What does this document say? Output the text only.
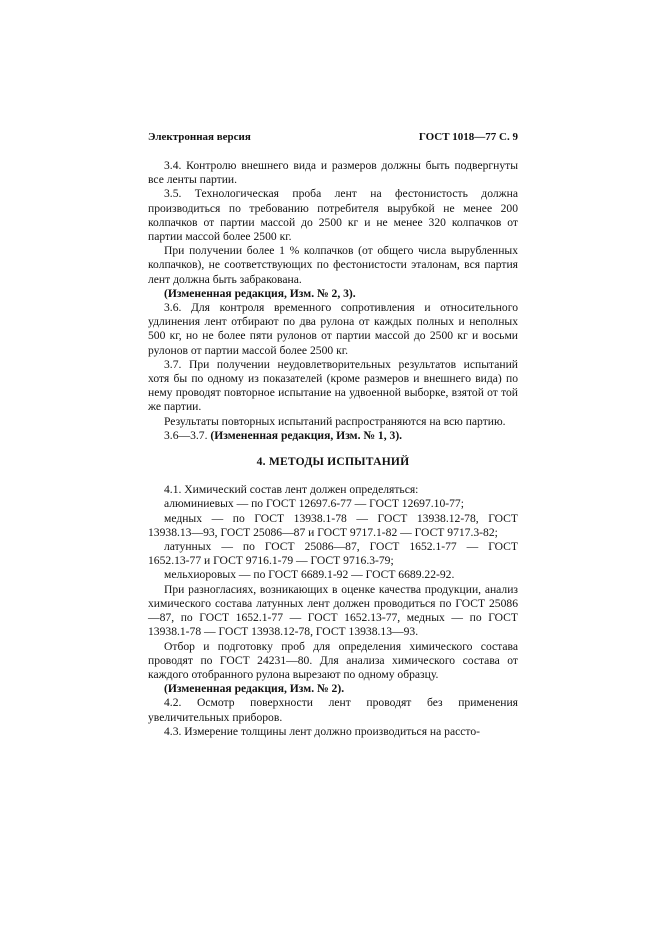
Электронная версия	ГОСТ 1018—77 С. 9

3.4. Контролю внешнего вида и размеров должны быть подвергнуты все ленты партии.

3.5. Технологическая проба лент на фестонистость должна производиться по требованию потребителя вырубкой не менее 200 колпачков от партии массой до 2500 кг и не менее 320 колпачков от партии массой более 2500 кг.

При получении более 1 % колпачков (от общего числа вырубленных колпачков), не соответствующих по фестонистости эталонам, вся партия лент должна быть забракована.

(Измененная редакция, Изм. № 2, 3).

3.6. Для контроля временного сопротивления и относительного удлинения лент отбирают по два рулона от каждых полных и неполных 500 кг, но не более пяти рулонов от партии массой до 2500 кг и восьми рулонов от партии массой более 2500 кг.

3.7. При получении неудовлетворительных результатов испытаний хотя бы по одному из показателей (кроме размеров и внешнего вида) по нему проводят повторное испытание на удвоенной выборке, взятой от той же партии.

Результаты повторных испытаний распространяются на всю партию.

3.6—3.7. (Измененная редакция, Изм. № 1, 3).

4. МЕТОДЫ ИСПЫТАНИЙ

4.1. Химический состав лент должен определяться:

алюминиевых — по ГОСТ 12697.6-77 — ГОСТ 12697.10-77;

медных — по ГОСТ 13938.1-78 — ГОСТ 13938.12-78, ГОСТ

13938.13—93, ГОСТ 25086—87 и ГОСТ 9717.1-82 — ГОСТ 9717.3-82;

латунных — по ГОСТ 25086—87, ГОСТ 1652.1-77 — ГОСТ

1652.13-77 и ГОСТ 9716.1-79 — ГОСТ 9716.3-79;

мельхиоровых — по ГОСТ 6689.1-92 — ГОСТ 6689.22-92.

При разногласиях, возникающих в оценке качества продукции, анализ химического состава латунных лент должен проводиться по ГОСТ 25086—87, по ГОСТ 1652.1-77 — ГОСТ 1652.13-77, медных — по ГОСТ 13938.1-78 — ГОСТ 13938.12-78, ГОСТ 13938.13—93.

Отбор и подготовку проб для определения химического состава проводят по ГОСТ 24231—80. Для анализа химического состава от каждого отобранного рулона вырезают по одному образцу.

(Измененная редакция, Изм. № 2).

4.2. Осмотр поверхности лент проводят без применения увеличительных приборов.

4.3. Измерение толщины лент должно производиться на рассто-
